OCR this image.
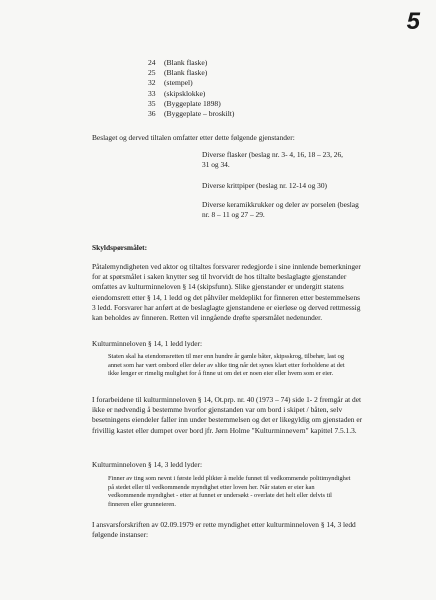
5
24 (Blank flaske)
25 (Blank flaske)
32 (stempel)
33 (skipsklokke)
35 (Byggeplate 1898)
36 (Byggeplate – broskilt)
Beslaget og derved tiltalen omfatter etter dette følgende gjenstander:
Diverse flasker (beslag nr. 3- 4, 16, 18 – 23, 26,
31 og 34.
Diverse krittpiper (beslag nr. 12-14 og 30)
Diverse keramikkrukker og deler av porselen (beslag
nr. 8 – 11 og 27 – 29.
Skyldspørsmålet:
Påtalemyndigheten ved aktor og tiltaltes forsvarer redegjorde i sine innlende bemerkninger
for at spørsmålet i saken knytter seg til hvorvidt de hos tiltalte beslaglagte gjenstander
omfattes av kulturminneloven § 14 (skipsfunn). Slike gjenstander er undergitt statens
eiendomsrett etter § 14, 1 ledd og det påhviler meldeplikt for finneren etter bestemmelsens
3 ledd. Forsvarer har anført at de beslaglagte gjenstandene er eierløse og derved rettmessig
kan beholdes av finneren. Retten vil inngående drøfte spørsmålet nedenunder.
Kulturminneloven § 14, 1 ledd lyder:
Staten skal ha eiendomsretten til mer enn hundre år gamle båter, skipsskrog, tilbehør, last og
annet som har vært ombord eller deler av slike ting når det synes klart etter forholdene at det
ikke lenger er rimelig mulighet for å finne ut om det er noen eier eller hvem som er eier.
I forarbeidene til kulturminneloven § 14, Ot.prp. nr. 40 (1973 – 74) side 1- 2 fremgår at det
ikke er nødvendig å bestemme hvorfor gjenstanden var om bord i skipet / båten, selv
besetningens eiendeler faller inn under bestemmelsen og det er likegyldig om gjenstaden er
frivillig kastet eller dumpet over bord jfr. Jørn Holme "Kulturminnevern" kapittel 7.5.1.3.
Kulturminneloven § 14, 3 ledd lyder:
Finner av ting som nevnt i første ledd plikter å melde funnet til vedkommende politimyndighet
på stedet eller til vedkommende myndighet etter loven her. Når staten er eier kan
vedkommende myndighet - etter at funnet er undersøkt - overlate det helt eller delvis til
finneren eller grunneieren.
I ansvarsforskriften av 02.09.1979 er rette myndighet etter kulturminneloven § 14, 3 ledd
følgende instanser:
